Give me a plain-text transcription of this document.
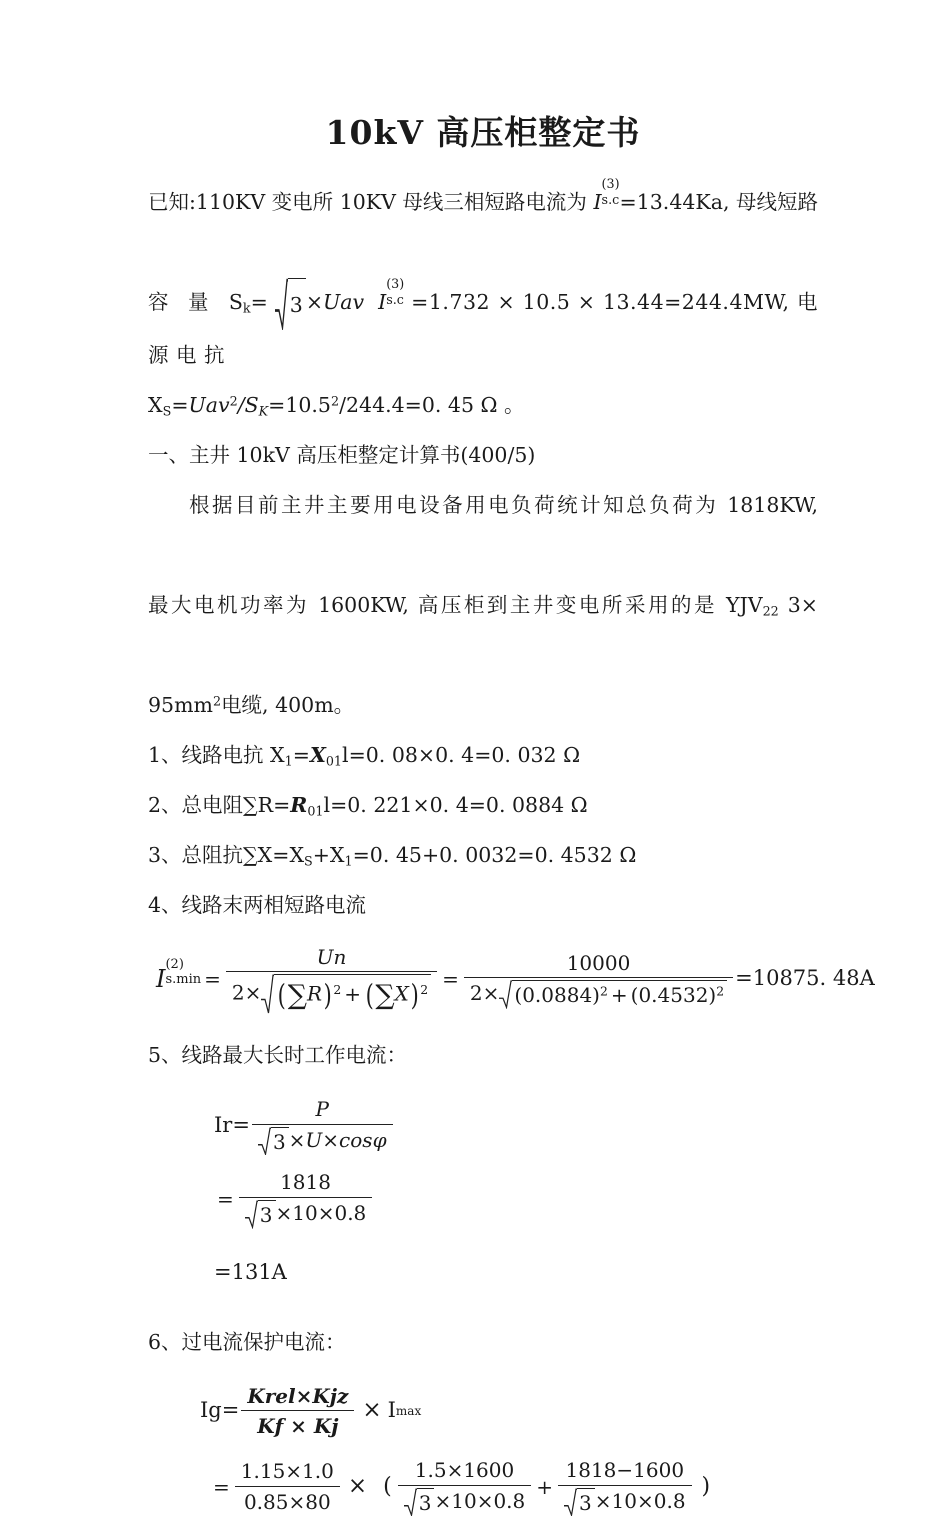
10kV 高压柜整定书

已知:110KV 变电所 10KV 母线三相短路电流为 I
(3)
s.c =13.44Ka, 母线短路

容 量 $S_k= 3 \times Uav$ I
(3)
s.c =1.732 × 10.5 × 13.44=244.4MW, 电 源 电 抗

$X_S=Uav^2/S_K=10.5^2/244.4=0$. 45 Ω 。

一、主井 10kV 高压柜整定计算书(400/5)

根据目前主井主要用电设备用电负荷统计知总负荷为 1818KW,

最大电机功率为 1600KW, 高压柜到主井变电所采用的是 $YJV_{22}$ 3×

$95mm^2$电缆, 400m。

1、线路电抗 $X_1=X_{01}l=0$. 08×0. 4=0. 032 Ω

2、总电阻$\sum R=R_{01}l=0$. 221×0. 4=0. 0884 Ω

3、总阻抗$\sum X=X_S+X_1=0$. 45+0. 0032=0. 4532 Ω

4、线路末两相短路电流

I
(2)
$s.\min = \frac{Un}{2\times (\sum R) ^2 + (\sum X) ^2} = \frac{10000}{2\times (0.0884)^2 + (0.4532)^2} =10875$. 48A

5、线路最大长时工作电流：

$Ir= \frac{P}{3 \times U\times\cos\varphi}$
= $\frac{1818}{3 \times 10\times 0.8}$

=131A

6、过电流保护电流：

$Ig= \frac{\text{Krel×Kjz}}{Kf \times Kj} \times I$ max
= $\frac{1.15\times 1.0}{0.85\times 80}$ × ( $\frac{1.5\times 1600}{3 \times 10\times 0.8} + \frac{1818-1600}{3 \times 10\times 0.8}$ )
